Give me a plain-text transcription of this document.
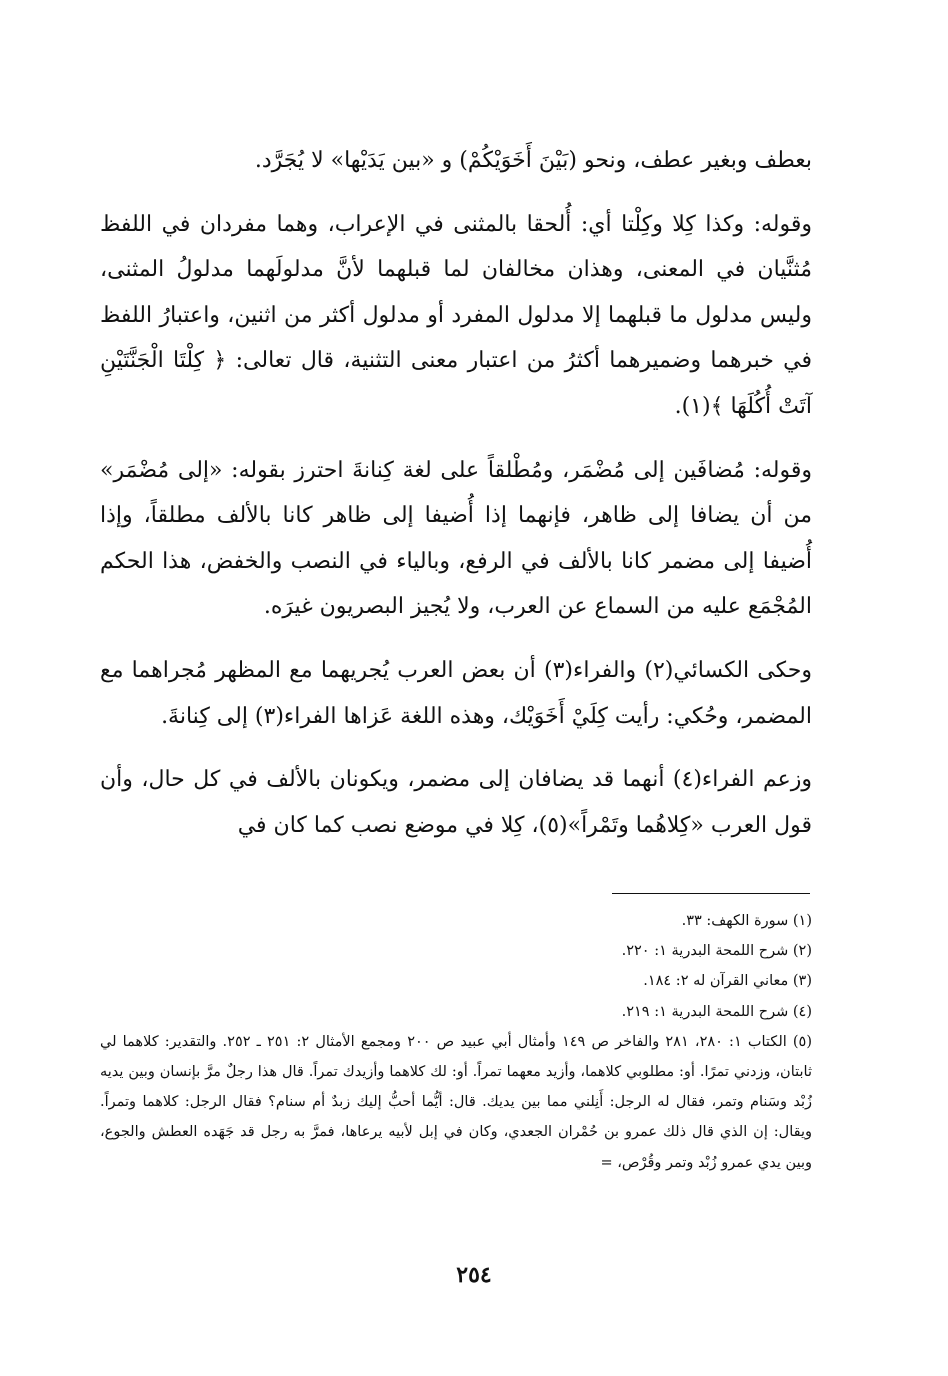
بعطف وبغير عطف، ونحو (بَيْنَ أَخَوَيْكُمْ) و «بين يَدَيْها» لا يُجَرَّد.

وقوله: وكذا كِلا وكِلْتا أي: أُلحقا بالمثنى في الإعراب، وهما مفردان في اللفظ مُثنَّيان في المعنى، وهذان مخالفان لما قبلهما لأنَّ مدلولَهما مدلولُ المثنى، وليس مدلول ما قبلهما إلا مدلول المفرد أو مدلول أكثر من اثنين، واعتبارُ اللفظ في خبرهما وضميرهما أكثرُ من اعتبار معنى التثنية، قال تعالى: ﴿ كِلْتَا الْجَنَّتَيْنِ آتَتْ أُكُلَهَا ﴾(١).

وقوله: مُضافَين إلى مُضْمَر، ومُطْلقاً على لغة كِنانةَ احترز بقوله: «إلى مُضْمَر» من أن يضافا إلى ظاهر، فإنهما إذا أُضيفا إلى ظاهر كانا بالألف مطلقاً، وإذا أُضيفا إلى مضمر كانا بالألف في الرفع، وبالياء في النصب والخفض، هذا الحكم المُجْمَع عليه من السماع عن العرب، ولا يُجيز البصريون غيرَه.

وحكى الكسائي(٢) والفراء(٣) أن بعض العرب يُجريهما مع المظهر مُجراهما مع المضمر، وحُكي: رأيت كِلَيْ أَخَوَيْك، وهذه اللغة عَزاها الفراء(٣) إلى كِنانةَ.

وزعم الفراء(٤) أنهما قد يضافان إلى مضمر، ويكونان بالألف في كل حال، وأن قول العرب «كِلاهُما وتَمْراً»(٥)، كِلا في موضع نصب كما كان في

(١) سورة الكهف: ٣٣.

(٢) شرح اللمحة البدرية ١: ٢٢٠.

(٣) معاني القرآن له ٢: ١٨٤.

(٤) شرح اللمحة البدرية ١: ٢١٩.

(٥) الكتاب ١: ٢٨٠، ٢٨١ والفاخر ص ١٤٩ وأمثال أبي عبيد ص ٢٠٠ ومجمع الأمثال ٢: ٢٥١ ـ ٢٥٢. والتقدير: كلاهما لي ثابتان، وزدني تمرًا. أو: مطلوبي كلاهما، وأزيد معهما تمراً. أو: لك كلاهما وأزيدك تمراً. قال هذا رجلٌ مرَّ بإنسان وبين يديه زُبْد وسَنام وتمر، فقال له الرجل: أَنِلني مما بين يديك. قال: أيُّما أحبُّ إليك زبدٌ أم سنام؟ فقال الرجل: كلاهما وتمراً. ويقال: إن الذي قال ذلك عمرو بن حُمْران الجعدي، وكان في إبل لأبيه يرعاها، فمرَّ به رجل قد جَهَده العطش والجوع، وبين يدي عمرو زُبْد وتمر وقُرْص، =

٢٥٤
